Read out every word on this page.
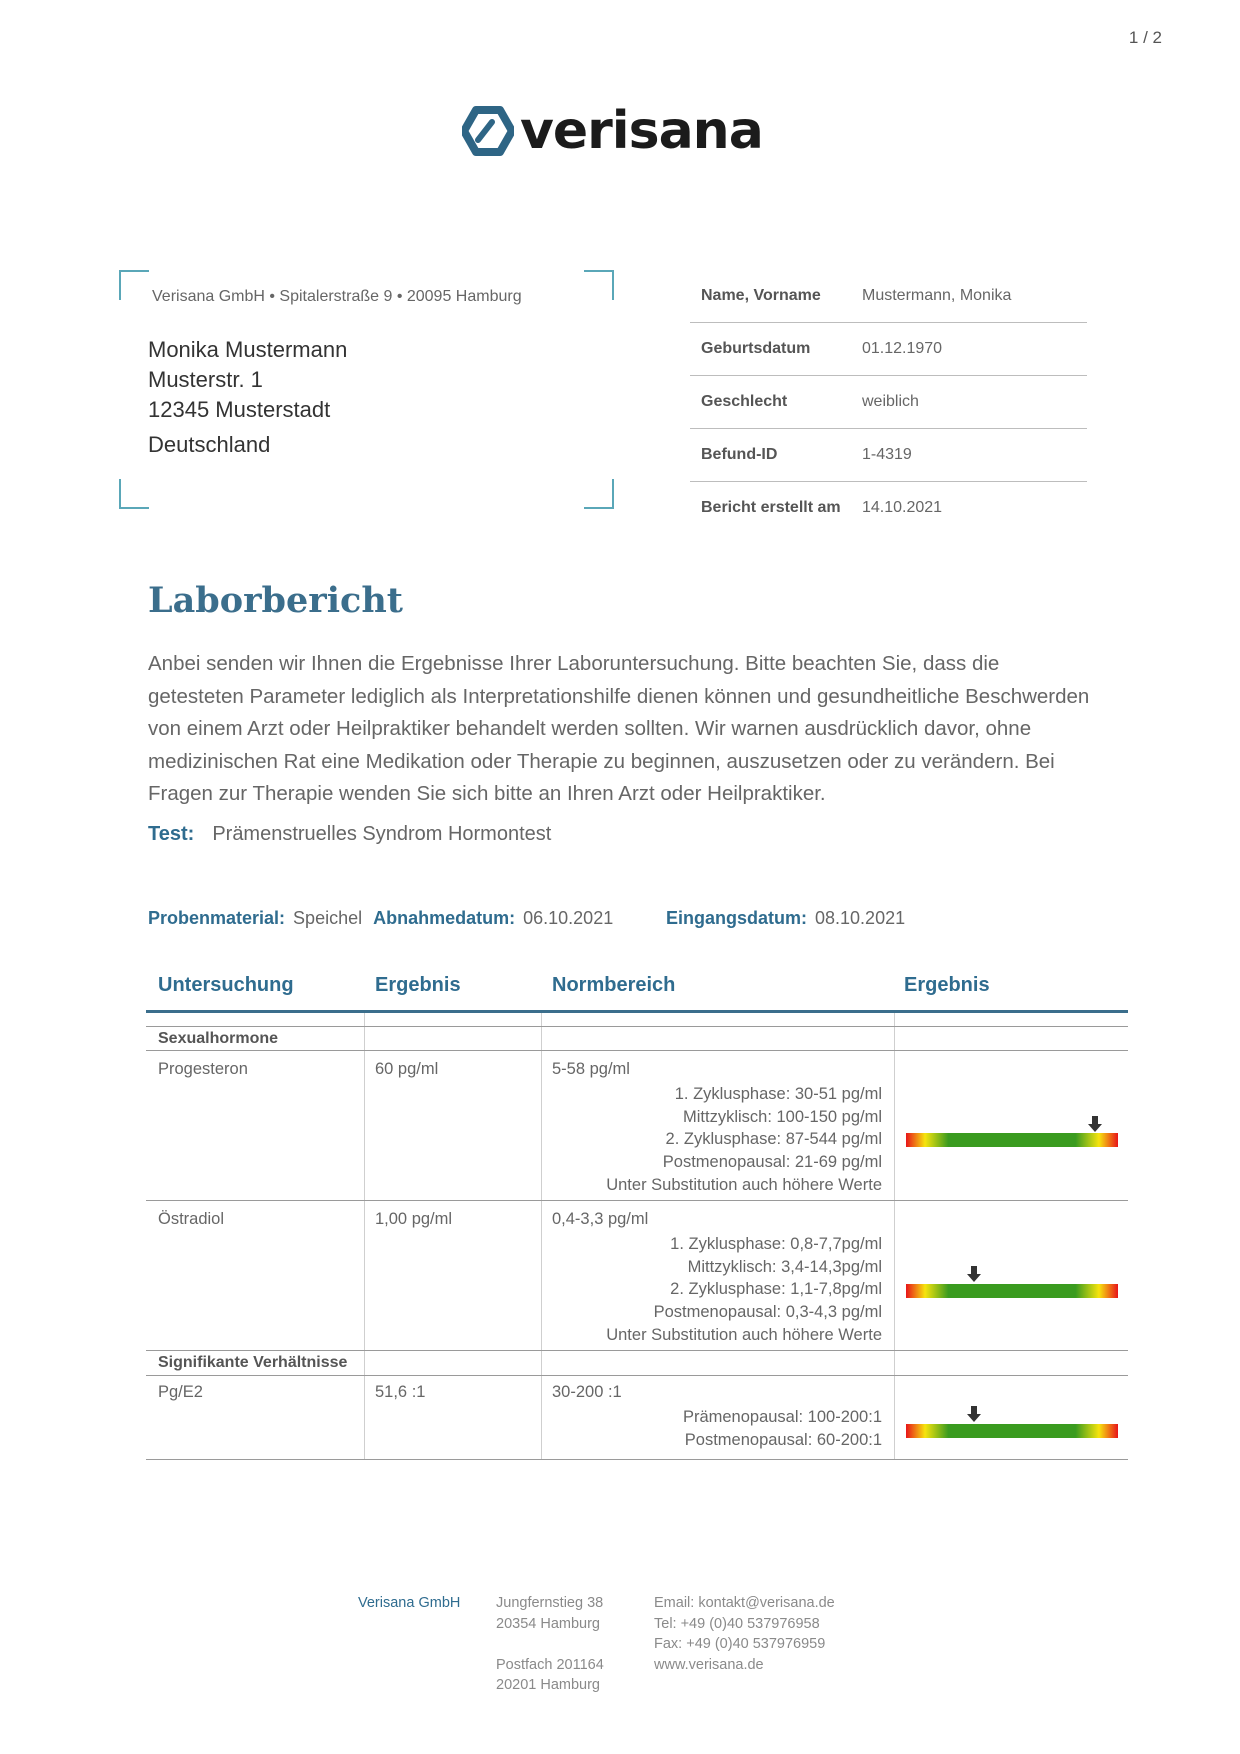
1 / 2
verisana
Verisana GmbH • Spitalerstraße 9 • 20095 Hamburg
Monika Mustermann
Musterstr. 1
12345 Musterstadt
Deutschland
Name, Vorname	Mustermann, Monika
Geburtsdatum	01.12.1970
Geschlecht	weiblich
Befund-ID	1-4319
Bericht erstellt am	14.10.2021
Laborbericht
Anbei senden wir Ihnen die Ergebnisse Ihrer Laboruntersuchung. Bitte beachten Sie, dass die getesteten Parameter lediglich als Interpretationshilfe dienen können und gesundheitliche Beschwerden von einem Arzt oder Heilpraktiker behandelt werden sollten. Wir warnen ausdrücklich davor, ohne medizinischen Rat eine Medikation oder Therapie zu beginnen, auszusetzen oder zu verändern. Bei Fragen zur Therapie wenden Sie sich bitte an Ihren Arzt oder Heilpraktiker.
Test: Prämenstruelles Syndrom Hormontest
Probenmaterial: Speichel Abnahmedatum: 06.10.2021	Eingangsdatum: 08.10.2021
Untersuchung	Ergebnis	Normbereich	Ergebnis
Sexualhormone
Progesteron	60 pg/ml	5-58 pg/ml
1. Zyklusphase: 30-51 pg/ml
Mittzyklisch: 100-150 pg/ml
2. Zyklusphase: 87-544 pg/ml
Postmenopausal: 21-69 pg/ml
Unter Substitution auch höhere Werte
Östradiol	1,00 pg/ml	0,4-3,3 pg/ml
1. Zyklusphase: 0,8-7,7pg/ml
Mittzyklisch: 3,4-14,3pg/ml
2. Zyklusphase: 1,1-7,8pg/ml
Postmenopausal: 0,3-4,3 pg/ml
Unter Substitution auch höhere Werte
Signifikante Verhältnisse
Pg/E2	51,6 :1	30-200 :1
Prämenopausal: 100-200:1
Postmenopausal: 60-200:1
Verisana GmbH Jungfernstieg 38
20354 Hamburg
Postfach 201164
20201 Hamburg
Email: kontakt@verisana.de
Tel: +49 (0)40 537976958
Fax: +49 (0)40 537976959
www.verisana.de
